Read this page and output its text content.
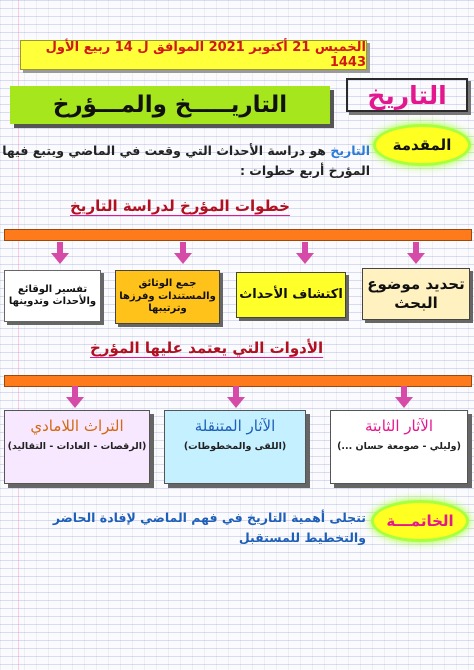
الخميس 21 أكتوبر 2021 الموافق ل 14 ربيع الأول 1443
التاريخ
التاريـــــخ والمـــؤرخ
المقدمة
التاريخ هو دراسة الأحداث التي وقعت في الماضي ويتبع فيها
المؤرخ أربع خطوات :
خطوات المؤرخ لدراسة التاريخ
تحديد موضوع البحث
اكتشاف الأحداث
جمع الوثائق والمستندات وفرزها وترتيبها
تفسير الوقائع والأحداث وتدوينها
الأدوات التي يعتمد عليها المؤرخ
الآثار الثابتة
(وليلي - صومعة حسان ...)
الآثار المتنقلة
(اللقى والمخطوطات)
التراث اللامادي
(الرقصات - العادات - التقاليد)
الخاتمـــة
تتجلى أهمية التاريخ في فهم الماضي لإفادة الحاضر والتخطيط للمستقبل
